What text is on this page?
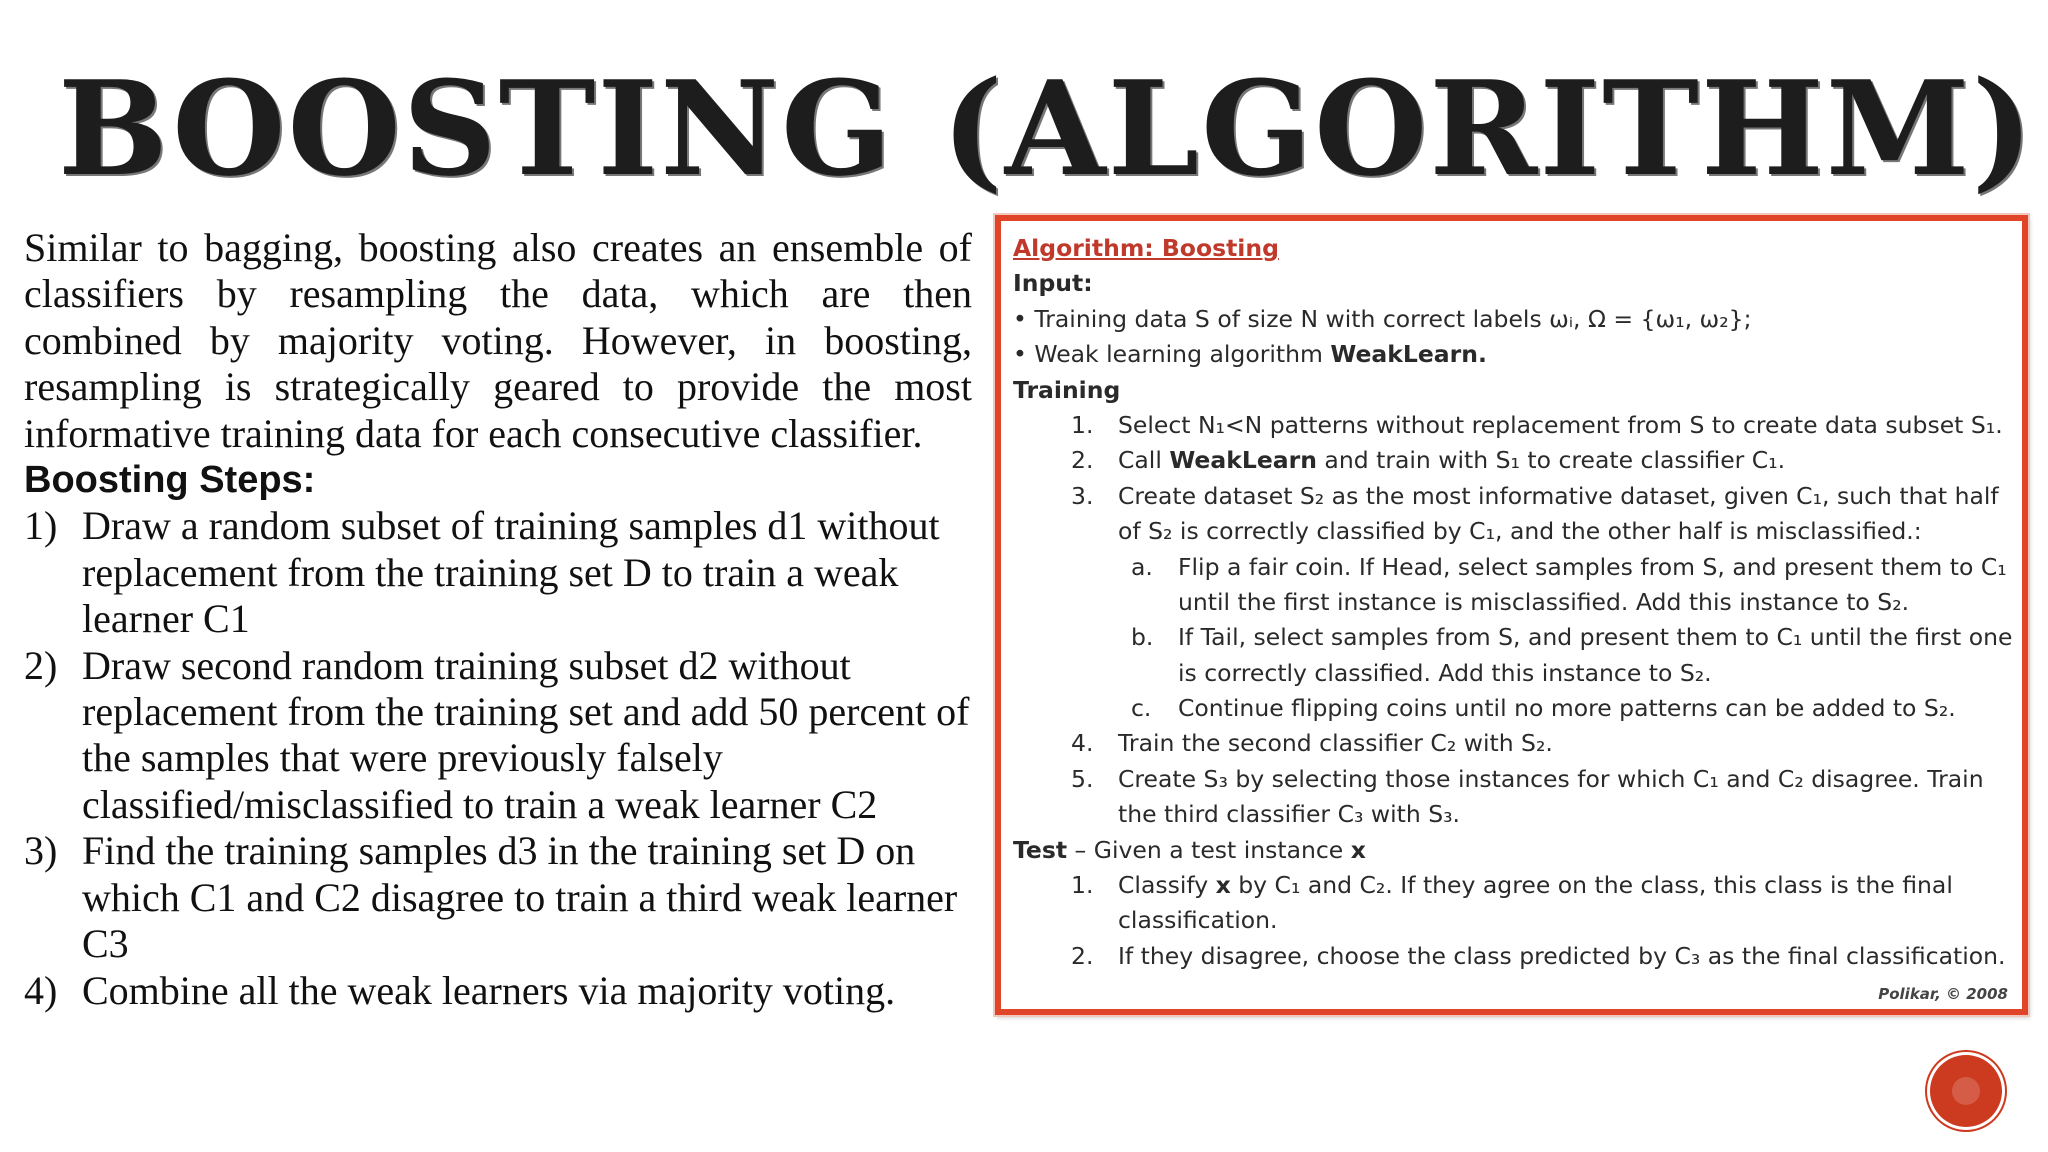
BOOSTING (ALGORITHM)

Similar to bagging, boosting also creates an ensemble of classifiers by resampling the data, which are then combined by majority voting. However, in boosting, resampling is strategically geared to provide the most informative training data for each consecutive classifier.

Boosting Steps:

1) Draw a random subset of training samples d1 without replacement from the training set D to train a weak learner C1
2) Draw second random training subset d2 without replacement from the training set and add 50 percent of the samples that were previously falsely classified/misclassified to train a weak learner C2
3) Find the training samples d3 in the training set D on which C1 and C2 disagree to train a third weak learner C3
4) Combine all the weak learners via majority voting.
Algorithm: Boosting
Input:
• Training data S of size N with correct labels ωᵢ, Ω = {ω₁, ω₂};
• Weak learning algorithm WeakLearn.
Training
1. Select N₁<N patterns without replacement from S to create data subset S₁.
2. Call WeakLearn and train with S₁ to create classifier C₁.
3. Create dataset S₂ as the most informative dataset, given C₁, such that half
of S₂ is correctly classified by C₁, and the other half is misclassified.:
a. Flip a fair coin. If Head, select samples from S, and present them to C₁
until the first instance is misclassified. Add this instance to S₂.
b. If Tail, select samples from S, and present them to C₁ until the first one
is correctly classified. Add this instance to S₂.
c. Continue flipping coins until no more patterns can be added to S₂.
4. Train the second classifier C₂ with S₂.
5. Create S₃ by selecting those instances for which C₁ and C₂ disagree. Train
the third classifier C₃ with S₃.
Test – Given a test instance x
1. Classify x by C₁ and C₂. If they agree on the class, this class is the final
classification.
2. If they disagree, choose the class predicted by C₃ as the final classification.
Polikar, © 2008
